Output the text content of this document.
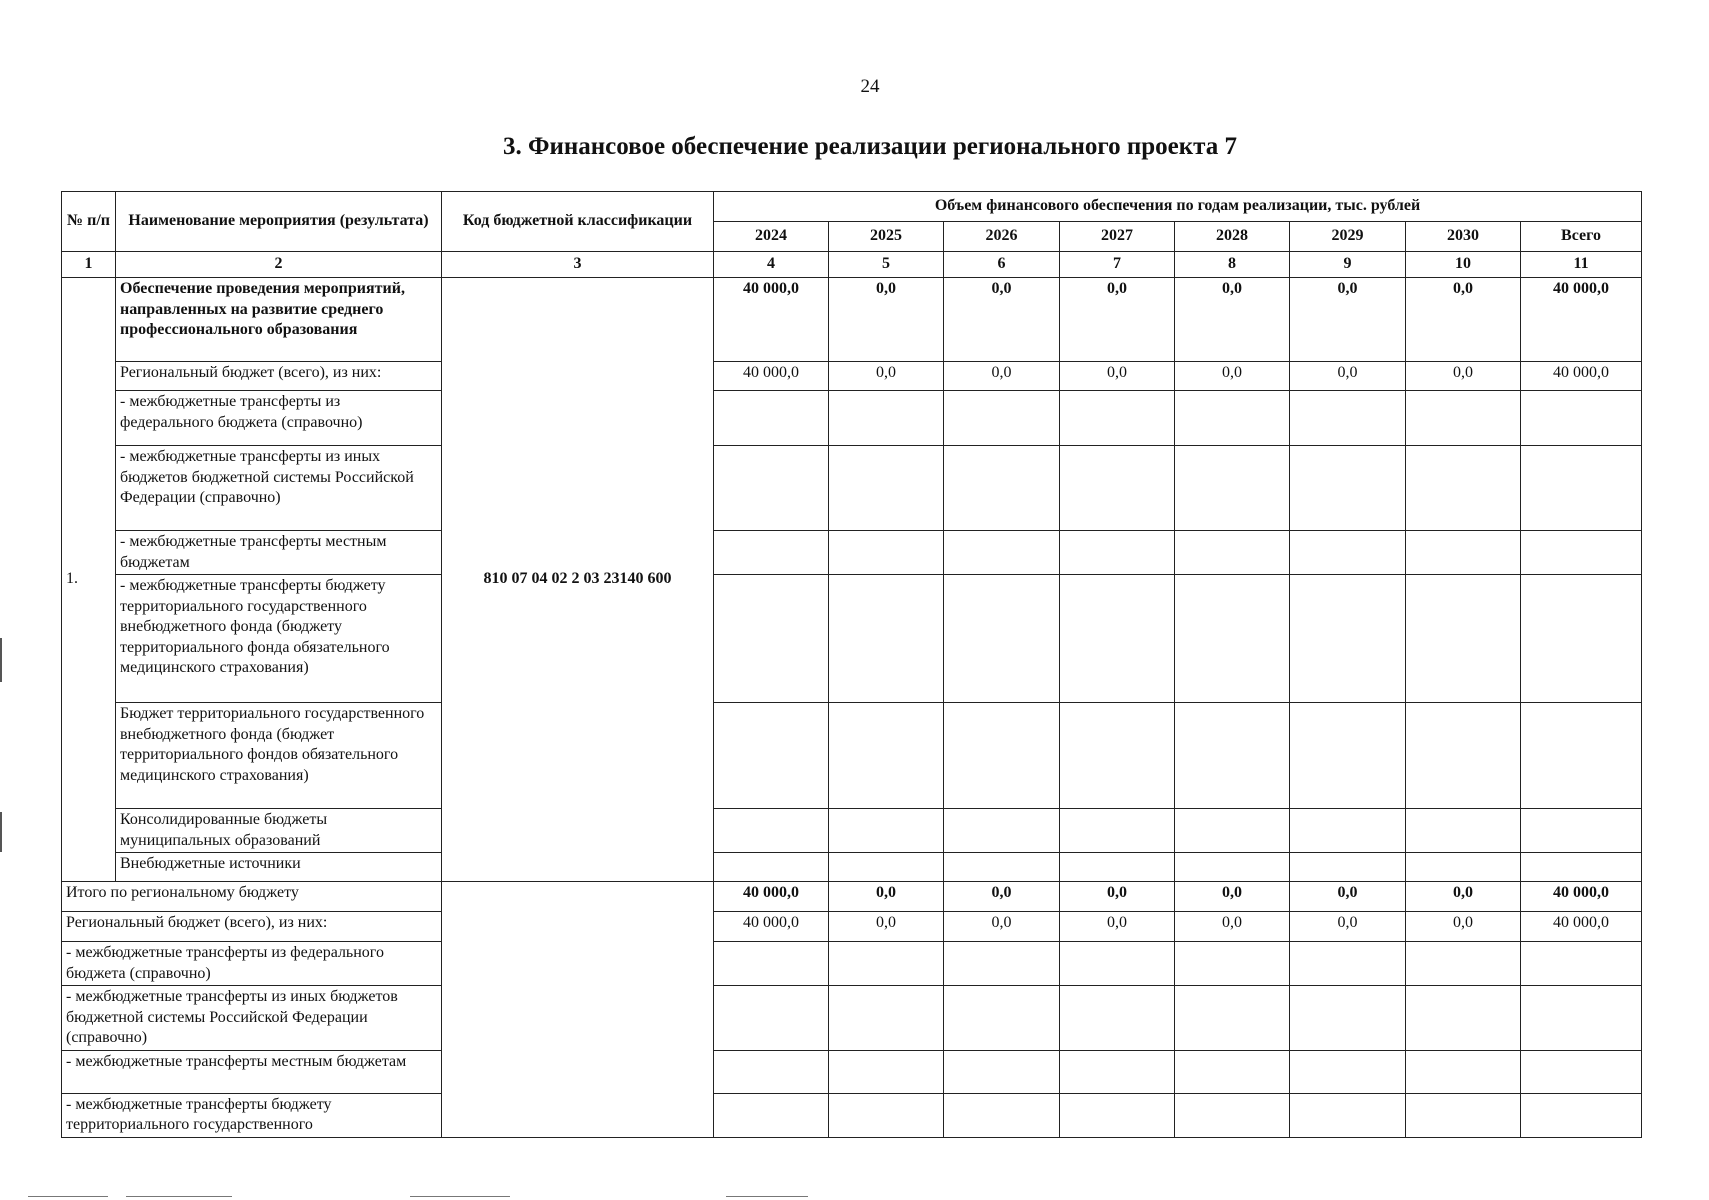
24
3. Финансовое обеспечение реализации регионального проекта 7
№ п/п	Наименование мероприятия (результата)	Код бюджетной классификации	Объем финансового обеспечения по годам реализации, тыс. рублей							
			2024	2025	2026	2027	2028	2029	2030	Всего
1	2	3	4	5	6	7	8	9	10	11
1.	Обеспечение проведения мероприятий, направленных на развитие среднего профессионального образования	810 07 04 02 2 03 23140 600	40 000,0	0,0	0,0	0,0	0,0	0,0	0,0	40 000,0
	Региональный бюджет (всего), из них:		40 000,0	0,0	0,0	0,0	0,0	0,0	0,0	40 000,0
	- межбюджетные трансферты из федерального бюджета (справочно)									
	- межбюджетные трансферты из иных бюджетов бюджетной системы Российской Федерации (справочно)									
	- межбюджетные трансферты местным бюджетам									
	- межбюджетные трансферты бюджету территориального государственного внебюджетного фонда (бюджету территориального фонда обязательного медицинского страхования)									
	Бюджет территориального государственного внебюджетного фонда (бюджет территориального фондов обязательного медицинского страхования)									
	Консолидированные бюджеты муниципальных образований									
	Внебюджетные источники									
Итого по региональному бюджету			40 000,0	0,0	0,0	0,0	0,0	0,0	0,0	40 000,0
Региональный бюджет (всего), из них:			40 000,0	0,0	0,0	0,0	0,0	0,0	0,0	40 000,0
- межбюджетные трансферты из федерального бюджета (справочно)										
- межбюджетные трансферты из иных бюджетов бюджетной системы Российской Федерации (справочно)										
- межбюджетные трансферты местным бюджетам										
- межбюджетные трансферты бюджету территориального государственного										
